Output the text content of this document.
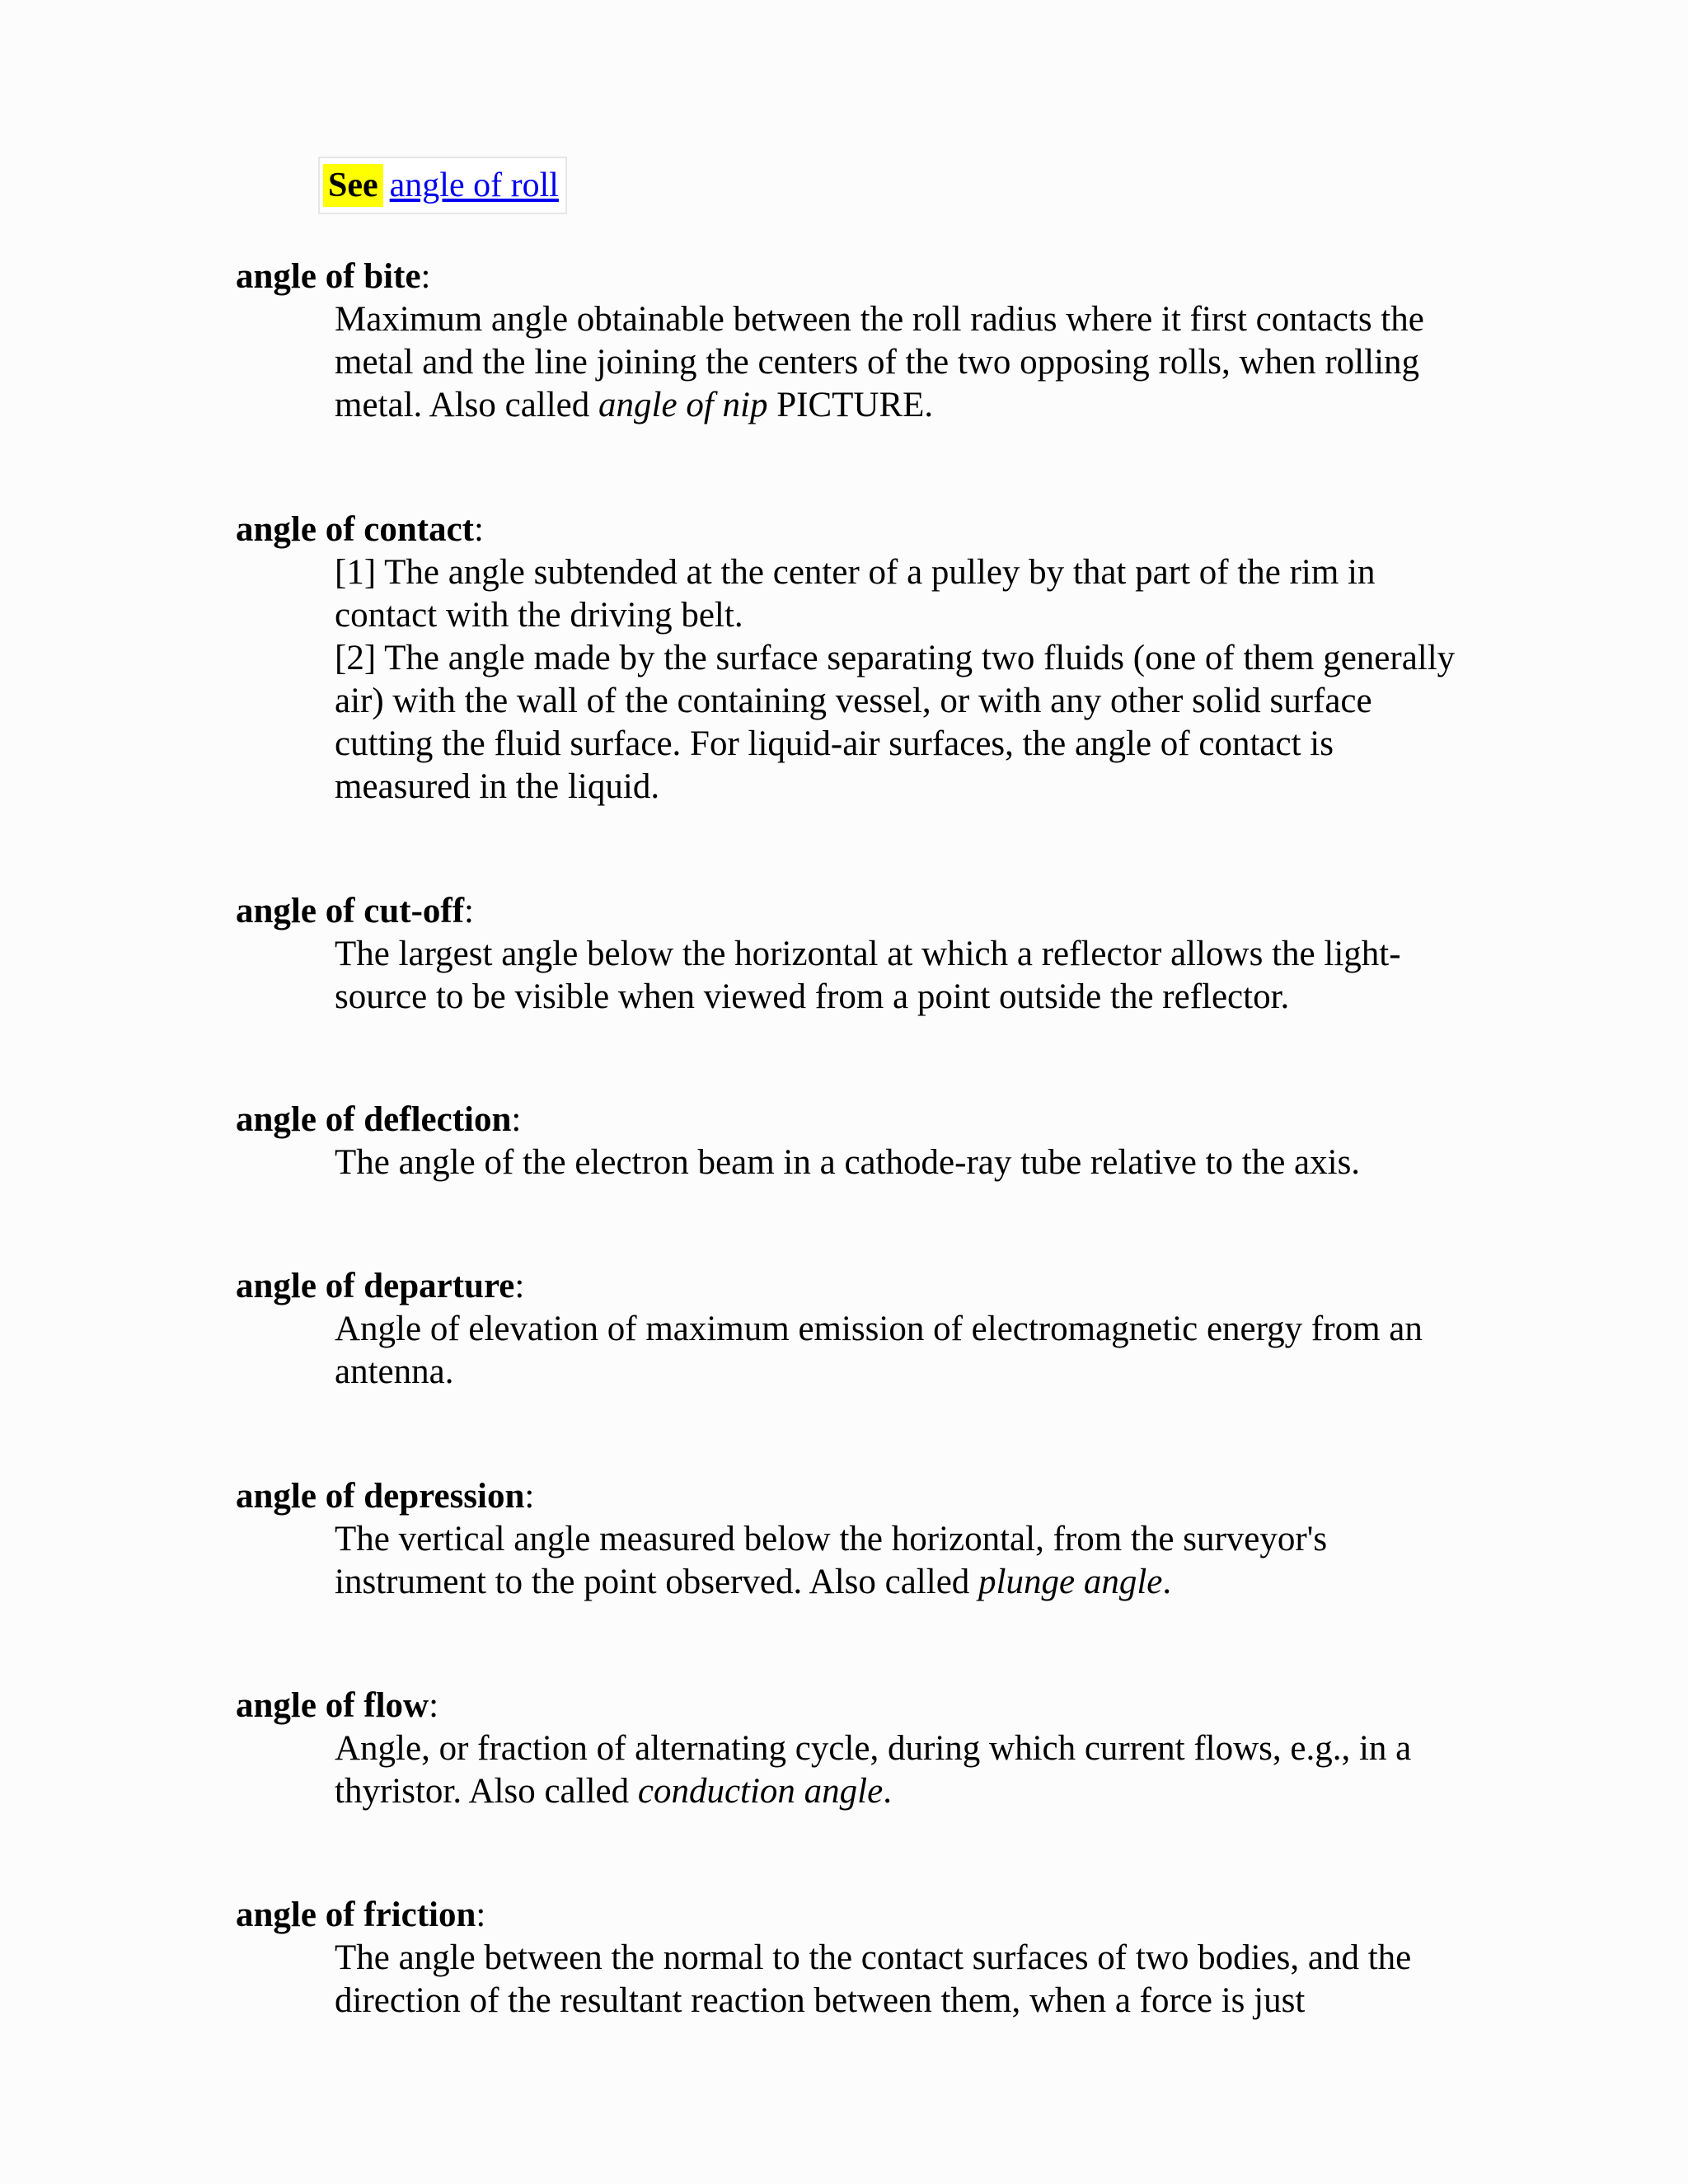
See angle of roll
angle of bite:

Maximum angle obtainable between the roll radius where it first contacts the metal and the line joining the centers of the two opposing rolls, when rolling metal. Also called angle of nip PICTURE.

angle of contact:

[1] The angle subtended at the center of a pulley by that part of the rim in contact with the driving belt.

[2] The angle made by the surface separating two fluids (one of them generally air) with the wall of the containing vessel, or with any other solid surface cutting the fluid surface. For liquid-air surfaces, the angle of contact is measured in the liquid.

angle of cut-off:

The largest angle below the horizontal at which a reflector allows the light- source to be visible when viewed from a point outside the reflector.

angle of deflection:

The angle of the electron beam in a cathode-ray tube relative to the axis.

angle of departure:

Angle of elevation of maximum emission of electromagnetic energy from an antenna.

angle of depression:

The vertical angle measured below the horizontal, from the surveyor's instrument to the point observed. Also called plunge angle.

angle of flow:

Angle, or fraction of alternating cycle, during which current flows, e.g., in a thyristor. Also called conduction angle.

angle of friction:

The angle between the normal to the contact surfaces of two bodies, and the direction of the resultant reaction between them, when a force is just
